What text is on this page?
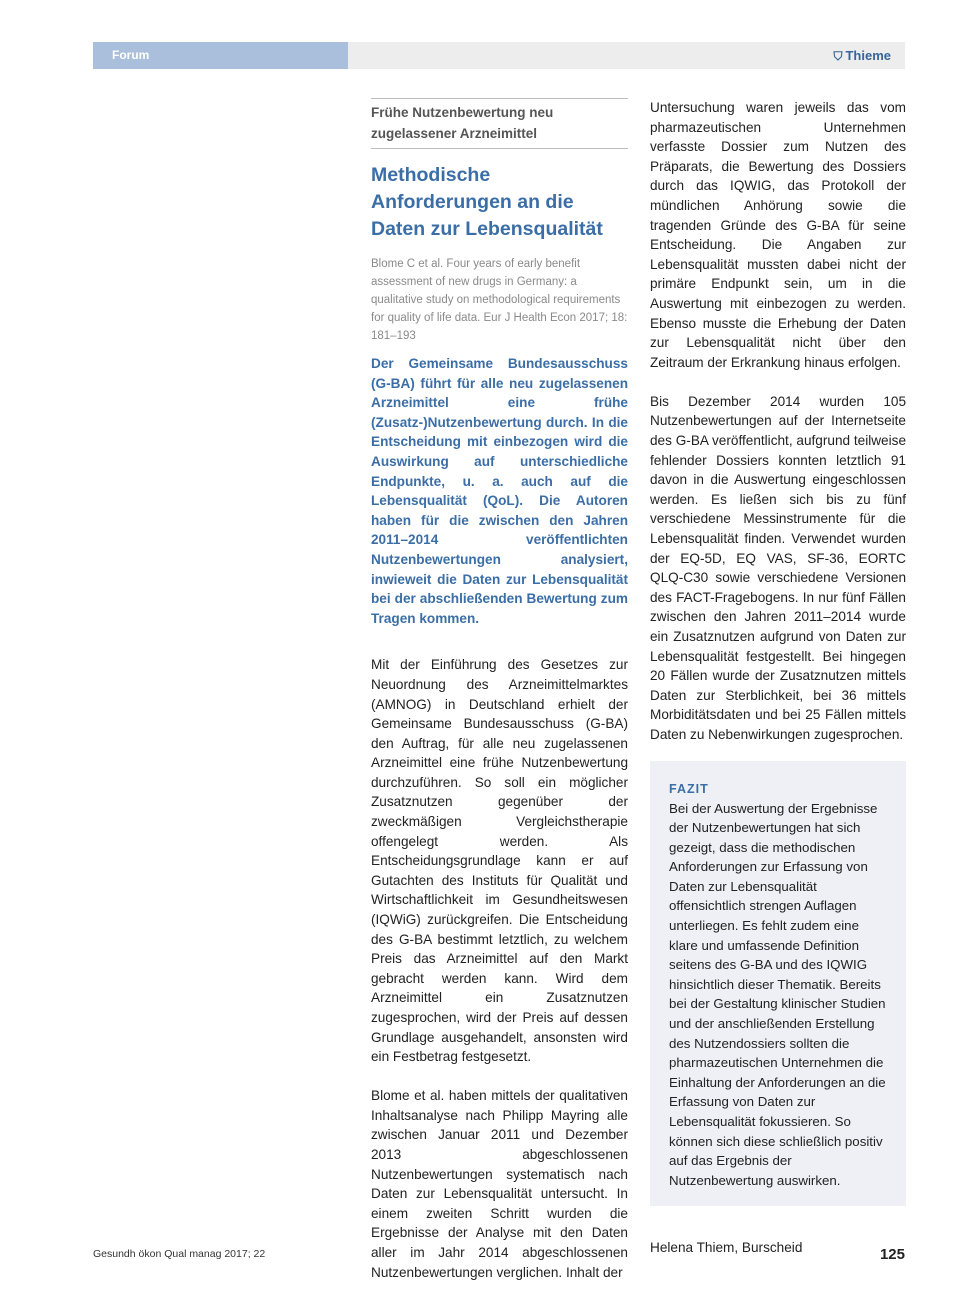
Forum	⛉ Thieme
Frühe Nutzenbewertung neu zugelassener Arzneimittel
Methodische Anforderungen an die Daten zur Lebensqualität
Blome C et al. Four years of early benefit assessment of new drugs in Germany: a qualitative study on methodological requirements for quality of life data. Eur J Health Econ 2017; 18: 181–193
Der Gemeinsame Bundesausschuss (G-BA) führt für alle neu zugelassenen Arzneimittel eine frühe (Zusatz-)Nutzenbewertung durch. In die Entscheidung mit einbezogen wird die Auswirkung auf unterschiedliche Endpunkte, u. a. auch auf die Lebensqualität (QoL). Die Autoren haben für die zwischen den Jahren 2011–2014 veröffentlichten Nutzenbewertungen analysiert, inwieweit die Daten zur Lebensqualität bei der abschließenden Bewertung zum Tragen kommen.

Mit der Einführung des Gesetzes zur Neuordnung des Arzneimittelmarktes (AMNOG) in Deutschland erhielt der Gemeinsame Bundesausschuss (G-BA) den Auftrag, für alle neu zugelassenen Arzneimittel eine frühe Nutzenbewertung durchzuführen. So soll ein möglicher Zusatznutzen gegenüber der zweckmäßigen Vergleichstherapie offengelegt werden. Als Entscheidungsgrundlage kann er auf Gutachten des Instituts für Qualität und Wirtschaftlichkeit im Gesundheitswesen (IQWiG) zurückgreifen. Die Entscheidung des G-BA bestimmt letztlich, zu welchem Preis das Arzneimittel auf den Markt gebracht werden kann. Wird dem Arzneimittel ein Zusatznutzen zugesprochen, wird der Preis auf dessen Grundlage ausgehandelt, ansonsten wird ein Festbetrag festgesetzt.

Blome et al. haben mittels der qualitativen Inhaltsanalyse nach Philipp Mayring alle zwischen Januar 2011 und Dezember 2013 abgeschlossenen Nutzenbewertungen systematisch nach Daten zur Lebensqualität untersucht. In einem zweiten Schritt wurden die Ergebnisse der Analyse mit den Daten aller im Jahr 2014 abgeschlossenen Nutzenbewertungen verglichen. Inhalt der

Untersuchung waren jeweils das vom pharmazeutischen Unternehmen verfasste Dossier zum Nutzen des Präparats, die Bewertung des Dossiers durch das IQWIG, das Protokoll der mündlichen Anhörung sowie die tragenden Gründe des G-BA für seine Entscheidung. Die Angaben zur Lebensqualität mussten dabei nicht der primäre Endpunkt sein, um in die Auswertung mit einbezogen zu werden. Ebenso musste die Erhebung der Daten zur Lebensqualität nicht über den Zeitraum der Erkrankung hinaus erfolgen.

Bis Dezember 2014 wurden 105 Nutzenbewertungen auf der Internetseite des G-BA veröffentlicht, aufgrund teilweise fehlender Dossiers konnten letztlich 91 davon in die Auswertung eingeschlossen werden. Es ließen sich bis zu fünf verschiedene Messinstrumente für die Lebensqualität finden. Verwendet wurden der EQ-5D, EQ VAS, SF-36, EORTC QLQ-C30 sowie verschiedene Versionen des FACT-Fragebogens. In nur fünf Fällen zwischen den Jahren 2011–2014 wurde ein Zusatznutzen aufgrund von Daten zur Lebensqualität festgestellt. Bei hingegen 20 Fällen wurde der Zusatznutzen mittels Daten zur Sterblichkeit, bei 36 mittels Morbiditätsdaten und bei 25 Fällen mittels Daten zu Nebenwirkungen zugesprochen.

FAZIT
Bei der Auswertung der Ergebnisse der Nutzenbewertungen hat sich gezeigt, dass die methodischen Anforderungen zur Erfassung von Daten zur Lebensqualität offensichtlich strengen Auflagen unterliegen. Es fehlt zudem eine klare und umfassende Definition seitens des G-BA und des IQWIG hinsichtlich dieser Thematik. Bereits bei der Gestaltung klinischer Studien und der anschließenden Erstellung des Nutzendossiers sollten die pharmazeutischen Unternehmen die Einhaltung der Anforderungen an die Erfassung von Daten zur Lebensqualität fokussieren. So können sich diese schließlich positiv auf das Ergebnis der Nutzenbewertung auswirken.
Helena Thiem, Burscheid
Gesundh ökon Qual manag 2017; 22	125
